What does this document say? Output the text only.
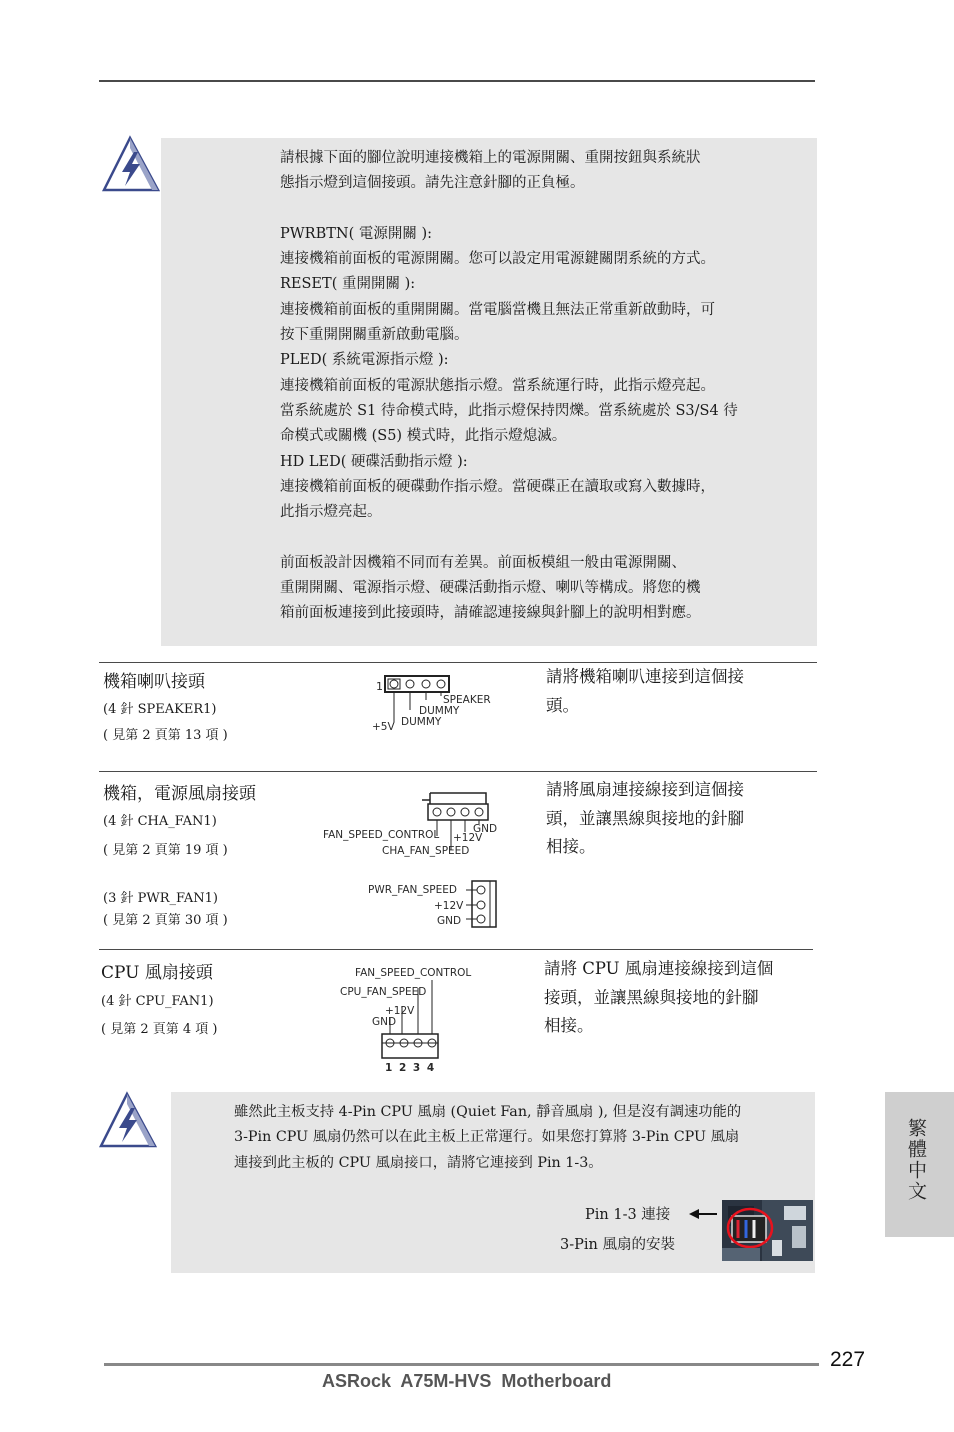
請根據下面的腳位說明連接機箱上的電源開關、重開按鈕與系統狀
態指示燈到這個接頭。請先注意針腳的正負極。
PWRBTN( 電源開關 ):
連接機箱前面板的電源開關。您可以設定用電源鍵關閉系統的方式。
RESET( 重開開關 ):
連接機箱前面板的重開開關。當電腦當機且無法正常重新啟動時，可
按下重開開關重新啟動電腦。
PLED( 系統電源指示燈 ):
連接機箱前面板的電源狀態指示燈。當系統運行時，此指示燈亮起。
當系統處於 S1 待命模式時，此指示燈保持閃爍。當系統處於 S3/S4 待
命模式或關機 (S5) 模式時，此指示燈熄滅。
HD LED( 硬碟活動指示燈 ):
連接機箱前面板的硬碟動作指示燈。當硬碟正在讀取或寫入數據時，
此指示燈亮起。
前面板設計因機箱不同而有差異。前面板模組一般由電源開關、
重開開關、電源指示燈、硬碟活動指示燈、喇叭等構成。將您的機
箱前面板連接到此接頭時，請確認連接線與針腳上的說明相對應。
機箱喇叭接頭
(4 針 SPEAKER1)
( 見第 2 頁第 13 項 )
1
SPEAKER
DUMMY
+5V DUMMY
請將機箱喇叭連接到這個接
頭。
機箱，電源風扇接頭
(4 針 CHA_FAN1)
( 見第 2 頁第 19 項 )
(3 針 PWR_FAN1)
( 見第 2 頁第 30 項 )
GND
FAN_SPEED_CONTROL +12V
CHA_FAN_SPEED
PWR_FAN_SPEED
+12V
GND
請將風扇連接線接到這個接
頭，並讓黑線與接地的針腳
相接。
CPU 風扇接頭
(4 針 CPU_FAN1)
( 見第 2 頁第 4 項 )
FAN_SPEED_CONTROL
CPU_FAN_SPEED
+12V
GND
1 2 3 4
請將 CPU 風扇連接線接到這個
接頭，並讓黑線與接地的針腳
相接。
雖然此主板支持 4-Pin CPU 風扇 (Quiet Fan, 靜音風扇 ), 但是沒有調速功能的
3-Pin CPU 風扇仍然可以在此主板上正常運行。如果您打算將 3-Pin CPU 風扇
連接到此主板的 CPU 風扇接口，請將它連接到 Pin 1-3。
Pin 1-3 連接
3-Pin 風扇的安裝
繁體中文
227
ASRock  A75M-HVS  Motherboard
